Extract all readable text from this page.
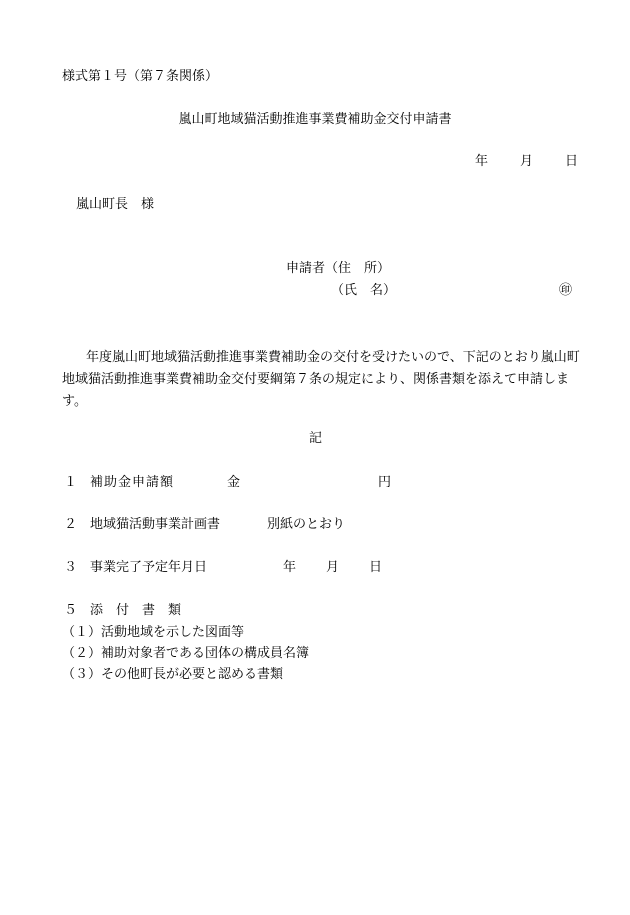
様式第１号（第７条関係）
嵐山町地域猫活動推進事業費補助金交付申請書
年 月 日
嵐山町長　様
申請者（住　所）
（氏　名）	㊞
年度嵐山町地域猫活動推進事業費補助金の交付を受けたいので、下記のとおり嵐山町地域猫活動推進事業費補助金交付要綱第７条の規定により、関係書類を添えて申請します。
記
１ 補助金申請額	金	円
２ 地域猫活動事業計画書	別紙のとおり
３ 事業完了予定年月日	年 月 日
５ 添　付　書　類
（１）活動地域を示した図面等
（２）補助対象者である団体の構成員名簿
（３）その他町長が必要と認める書類
